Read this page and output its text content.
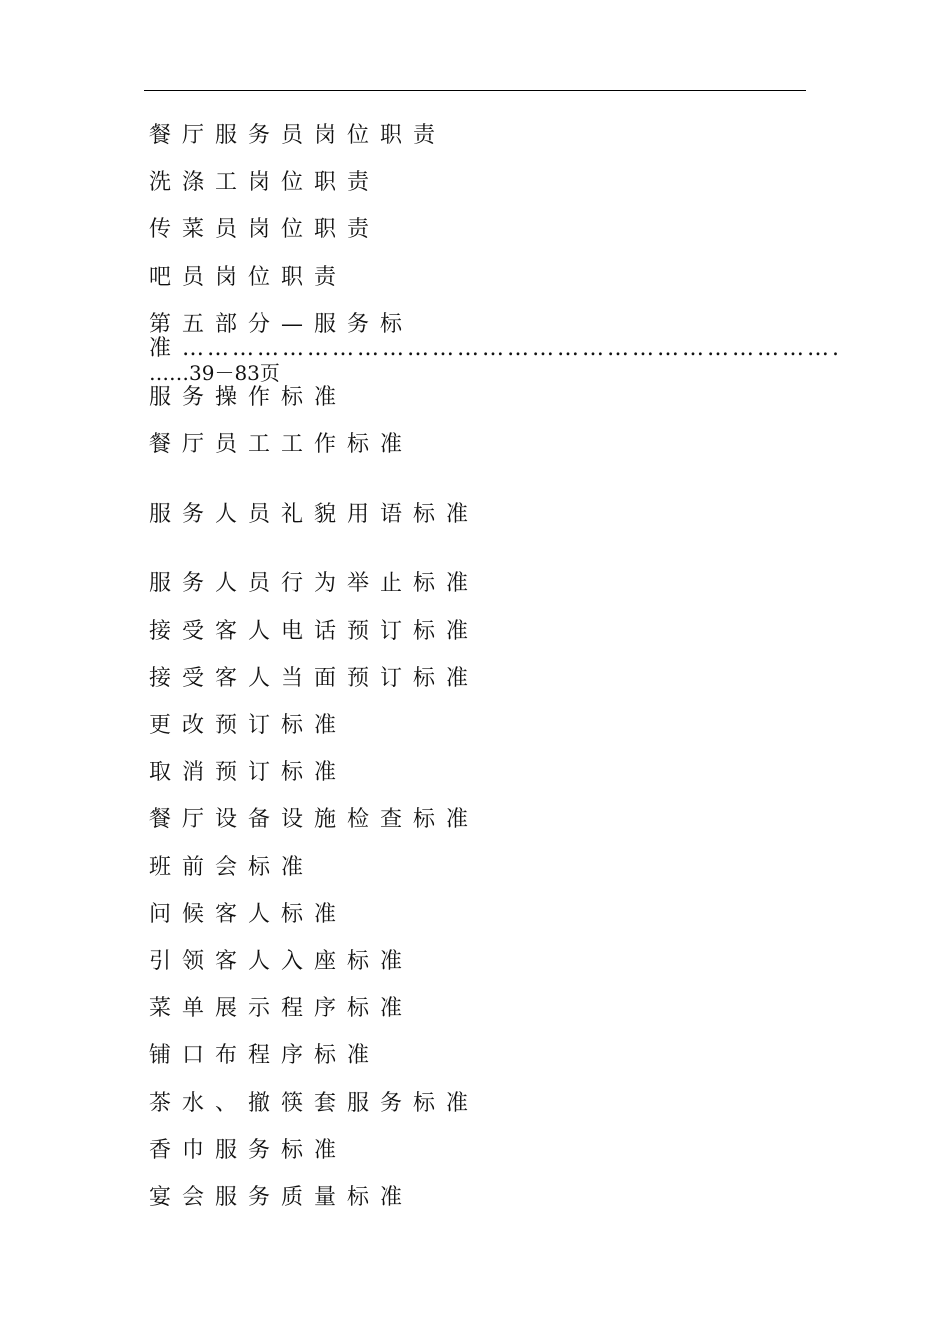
餐厅服务员岗位职责
洗涤工岗位职责
传菜员岗位职责
吧员岗位职责
第五部分—服务标准…………………………………………………………………….
……39－83页
服务操作标准
餐厅员工工作标准
服务人员礼貌用语标准
服务人员行为举止标准
接受客人电话预订标准
接受客人当面预订标准
更改预订标准
取消预订标准
餐厅设备设施检查标准
班前会标准
问候客人标准
引领客人入座标准
菜单展示程序标准
铺口布程序标准
茶水、撤筷套服务标准
香巾服务标准
宴会服务质量标准
